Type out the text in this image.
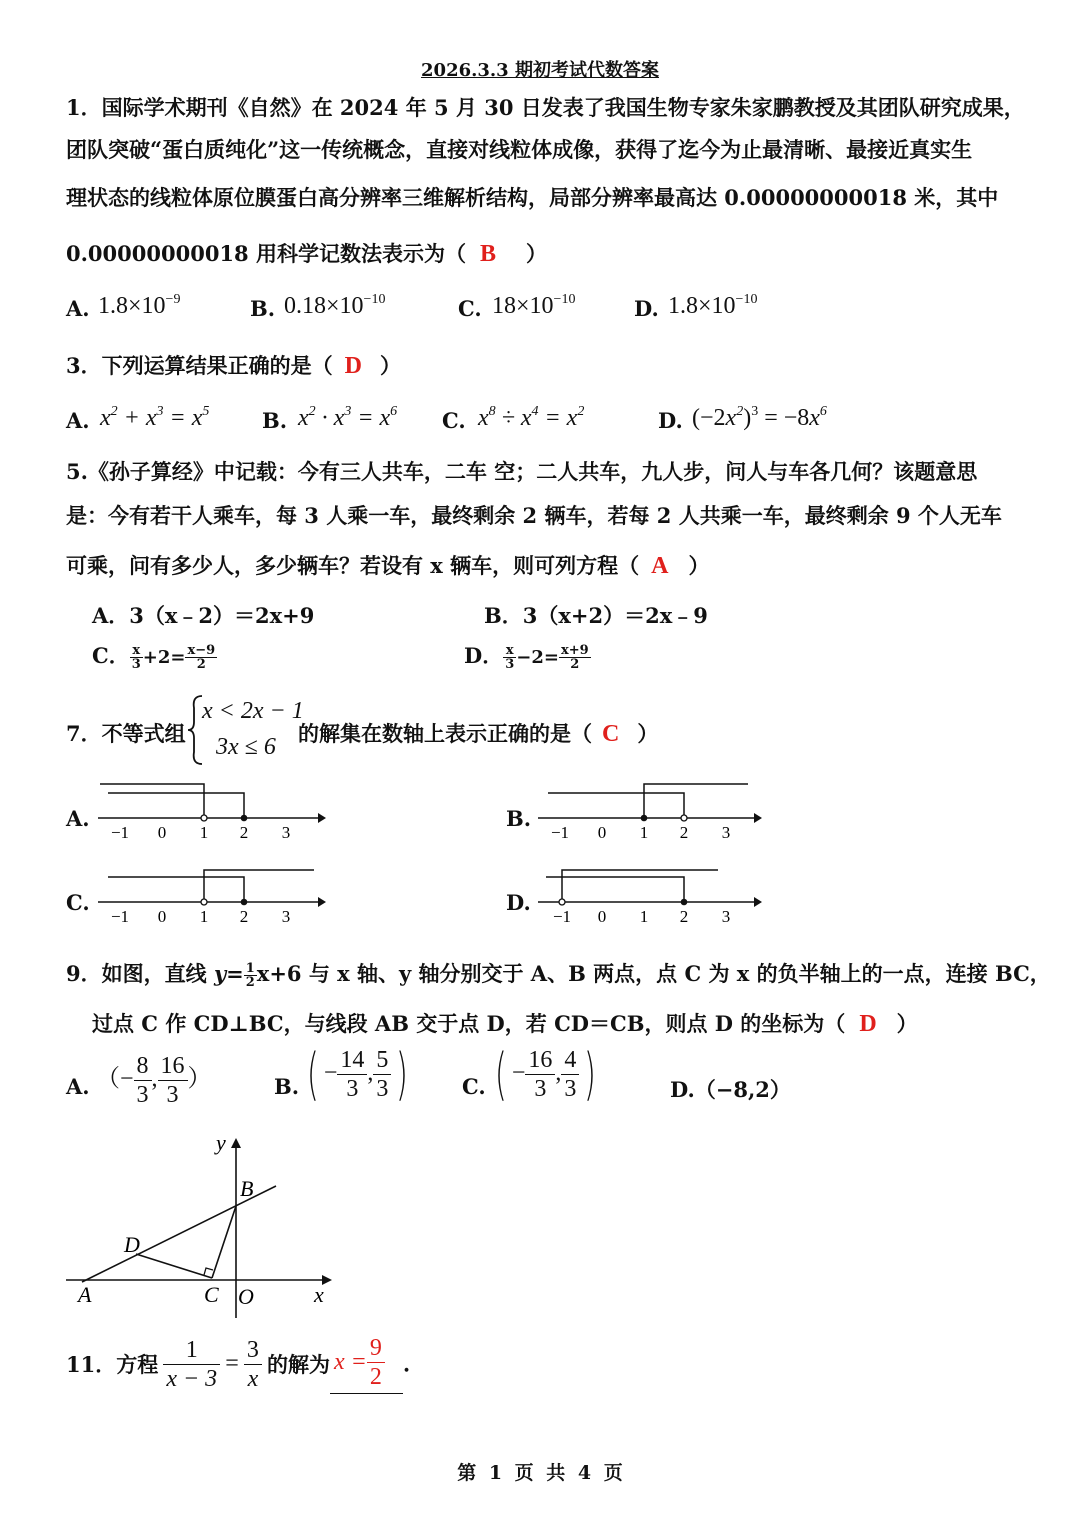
2026.3.3 期初考试代数答案
1．国际学术期刊《自然》在 2024 年 5 月 30 日发表了我国生物专家朱家鹏教授及其团队研究成果，
团队突破“蛋白质纯化”这一传统概念，直接对线粒体成像，获得了迄今为止最清晰、最接近真实生
理状态的线粒体原位膜蛋白高分辨率三维解析结构，局部分辨率最高达 0.00000000018 米，其中
0.00000000018 用科学记数法表示为（ B ）
A. $1.8\times 10^{-9}$	B. $0.18\times 10^{-10}$	C. $18\times 10^{-10}$	D. $1.8\times 10^{-10}$
3．下列运算结果正确的是（ D ）
A. $x^2 + x^3 = x^5$	B. $x^2 \cdot x^3 = x^6$ C. $x^8 \div x^4 = x^2$	D. $(-2x^2)^3 = -8x^6$
5.《孙子算经》中记载：今有三人共车，二车 空；二人共车，九人步，问人与车各几何？该题意思
是：今有若干人乘车，每 3 人乘一车，最终剩余 2 辆车，若每 2 人共乘一车，最终剩余 9 个人无车
可乘，问有多少人，多少辆车？若设有 x 辆车，则可列方程（ A ）
A．3（x﹣2）＝2x+9	B．3（x+2）＝2x﹣9
C． $\frac{x}{3} +2= \frac{x-9}{2}$	D． $\frac{x}{3} -2= \frac{x+9}{2}$
7．不等式组
x < 2x − 1
3x ≤ 6
的解集在数轴上表示正确的是（ C ）
A.
−1 0 1 2 3
B.
−1 0 1 2 3
C.
−1 0 1 2 3
D.
−1 0 1 2 3
9．如图，直线 $y= \frac{1}{2} x+6$ 与 x 轴、y 轴分别交于 A、B 两点，点 C 为 x 的负半轴上的一点，连接 BC，
过点 C 作 CD⊥BC，与线段 AB 交于点 D，若 CD＝CB，则点 D 的坐标为（ D ）
A. （− $\frac{8}{3}$ , $\frac{16}{3}$ ）	B. ( − $\frac{14}{3}$ , $\frac{5}{3}$ )	C. ( − $\frac{16}{3}$ , $\frac{4}{3}$ )	D.（−8,2）
y
x
B
D
A	C O
11．方程 $\frac{1}{x - 3} = \frac{3}{x}$ 的解为 $x = \frac{9}{2}$ .
第 1 页 共 4 页
